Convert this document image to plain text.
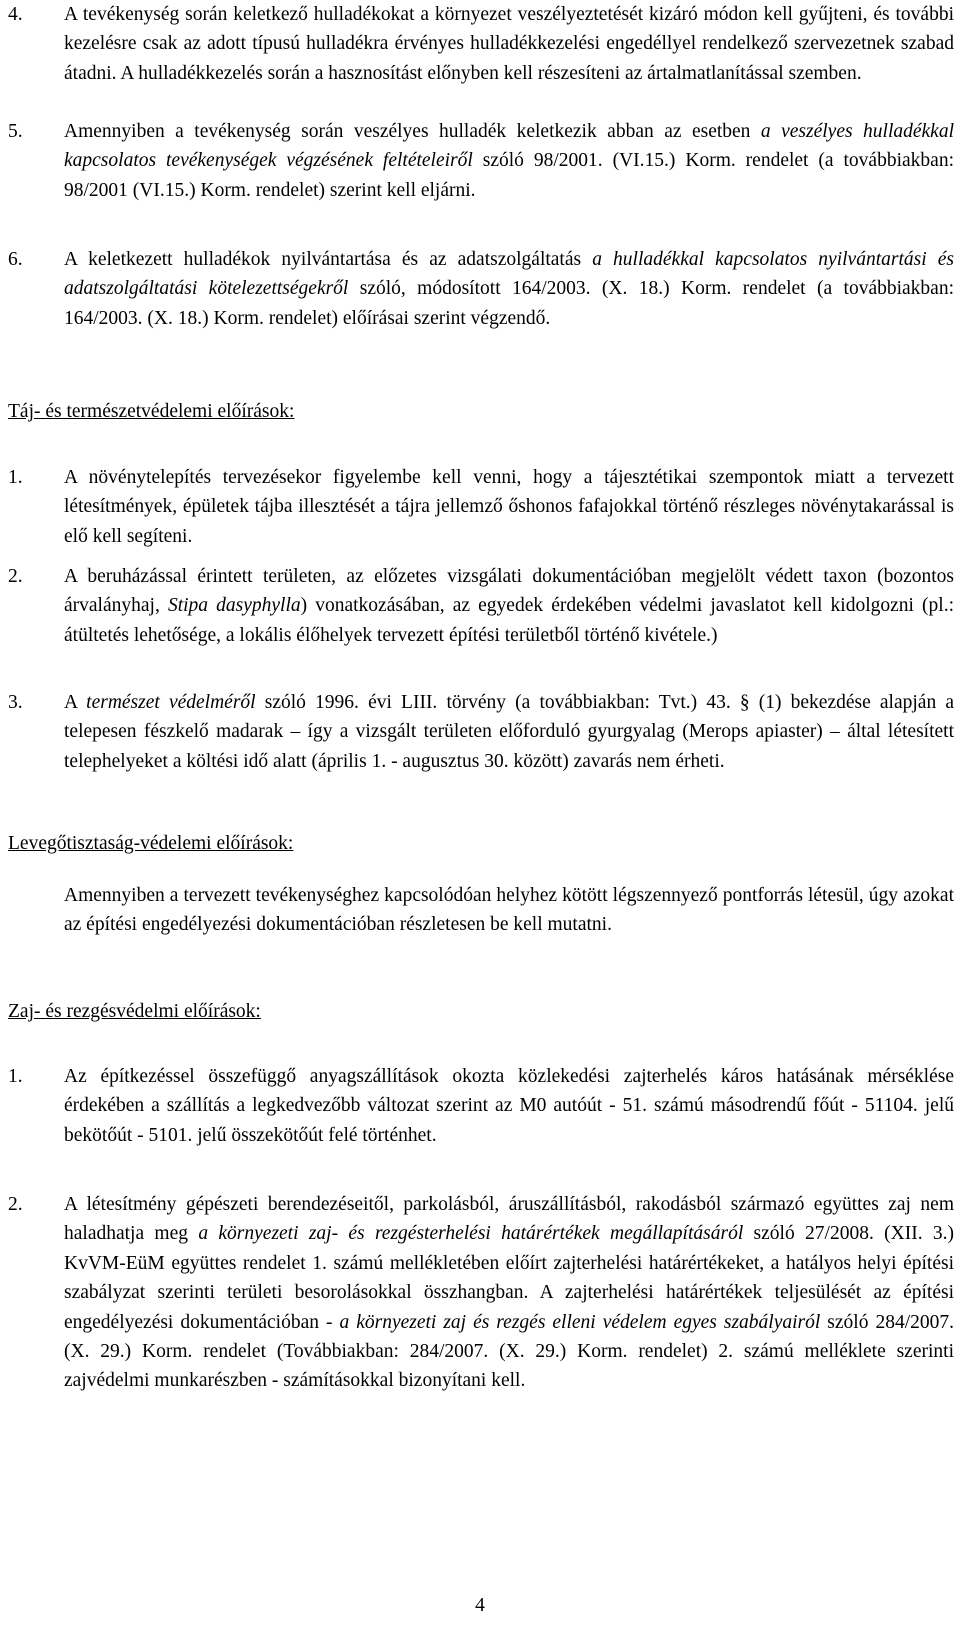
4.	A tevékenység során keletkező hulladékokat a környezet veszélyeztetését kizáró módon kell gyűjteni, és további kezelésre csak az adott típusú hulladékra érvényes hulladékkezelési engedéllyel rendelkező szervezetnek szabad átadni. A hulladékkezelés során a hasznosítást előnyben kell részesíteni az ártalmatlanítással szemben.
5.	Amennyiben a tevékenység során veszélyes hulladék keletkezik abban az esetben a veszélyes hulladékkal kapcsolatos tevékenységek végzésének feltételeiről szóló 98/2001. (VI.15.) Korm. rendelet (a továbbiakban: 98/2001 (VI.15.) Korm. rendelet) szerint kell eljárni.
6.	A keletkezett hulladékok nyilvántartása és az adatszolgáltatás a hulladékkal kapcsolatos nyilvántartási és adatszolgáltatási kötelezettségekről szóló, módosított 164/2003. (X. 18.) Korm. rendelet (a továbbiakban: 164/2003. (X. 18.) Korm. rendelet) előírásai szerint végzendő.
Táj- és természetvédelemi előírások:
1.	A növénytelepítés tervezésekor figyelembe kell venni, hogy a tájesztétikai szempontok miatt a tervezett létesítmények, épületek tájba illesztését a tájra jellemző őshonos fafajokkal történő részleges növénytakarással is elő kell segíteni.
2.	A beruházással érintett területen, az előzetes vizsgálati dokumentációban megjelölt védett taxon (bozontos árvalányhaj, Stipa dasyphylla) vonatkozásában, az egyedek érdekében védelmi javaslatot kell kidolgozni (pl.: átültetés lehetősége, a lokális élőhelyek tervezett építési területből történő kivétele.)
3.	A természet védelméről szóló 1996. évi LIII. törvény (a továbbiakban: Tvt.) 43. § (1) bekezdése alapján a telepesen fészkelő madarak – így a vizsgált területen előforduló gyurgyalag (Merops apiaster) – által létesített telephelyeket a költési idő alatt (április 1. - augusztus 30. között) zavarás nem érheti.
Levegőtisztaság-védelemi előírások:
Amennyiben a tervezett tevékenységhez kapcsolódóan helyhez kötött légszennyező pontforrás létesül, úgy azokat az építési engedélyezési dokumentációban részletesen be kell mutatni.
Zaj- és rezgésvédelmi előírások:
1.	Az építkezéssel összefüggő anyagszállítások okozta közlekedési zajterhelés káros hatásának mérséklése érdekében a szállítás a legkedvezőbb változat szerint az M0 autóút - 51. számú másodrendű főút - 51104. jelű bekötőút - 5101. jelű összekötőút felé történhet.
2.	A létesítmény gépészeti berendezéseitől, parkolásból, áruszállításból, rakodásból származó együttes zaj nem haladhatja meg a környezeti zaj- és rezgésterhelési határértékek megállapításáról szóló 27/2008. (XII. 3.) KvVM-EüM együttes rendelet 1. számú mellékletében előírt zajterhelési határértékeket, a hatályos helyi építési szabályzat szerinti területi besorolásokkal összhangban. A zajterhelési határértékek teljesülését az építési engedélyezési dokumentációban - a környezeti zaj és rezgés elleni védelem egyes szabályairól szóló 284/2007. (X. 29.) Korm. rendelet (Továbbiakban: 284/2007. (X. 29.) Korm. rendelet) 2. számú melléklete szerinti zajvédelmi munkarészben - számításokkal bizonyítani kell.
4
